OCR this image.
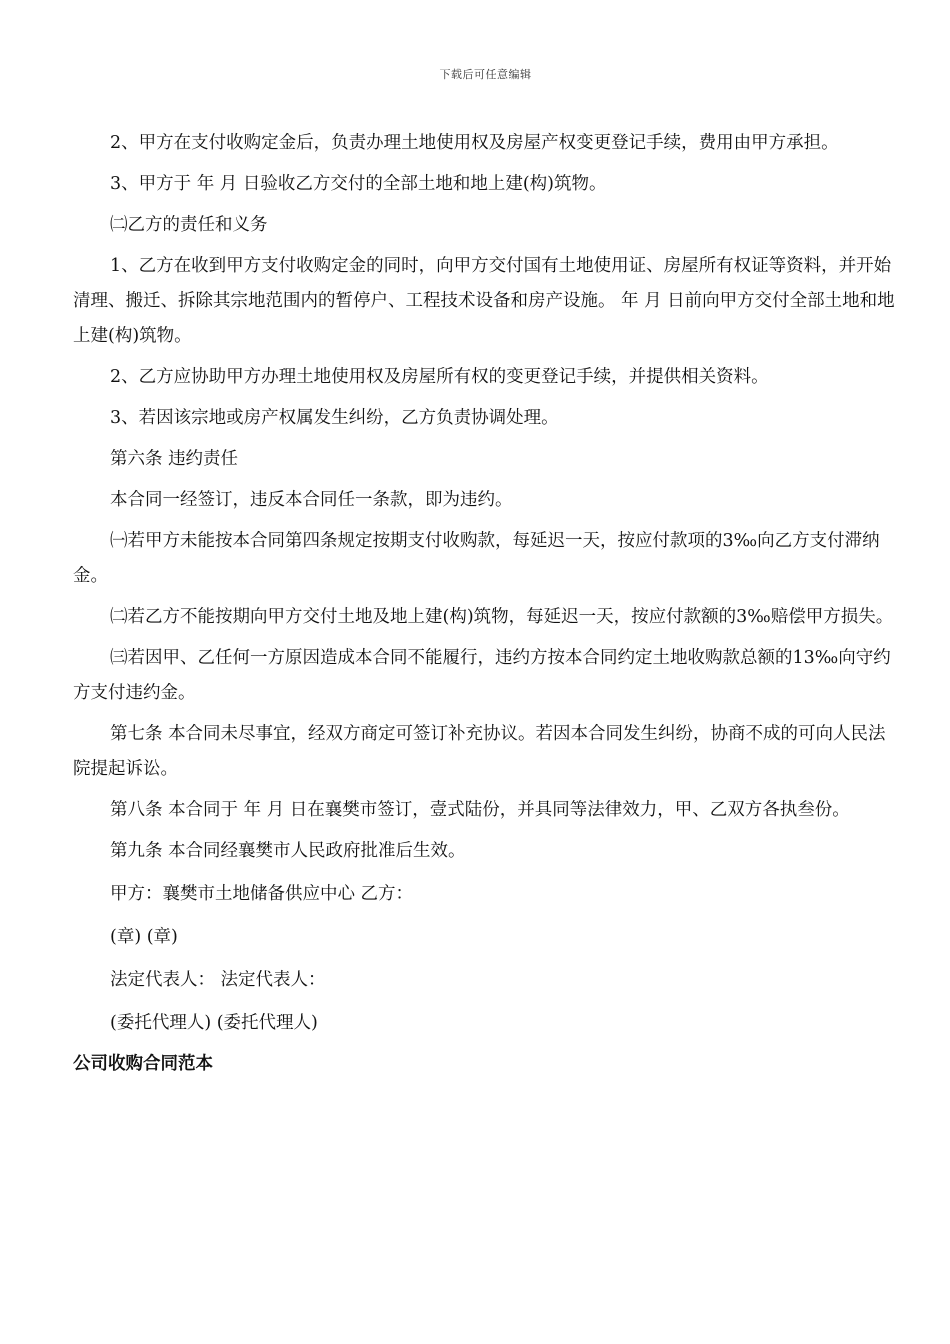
下载后可任意编辑

2、甲方在支付收购定金后，负责办理土地使用权及房屋产权变更登记手续，费用由甲方承担。

3、甲方于 年 月 日验收乙方交付的全部土地和地上建(构)筑物。

㈡乙方的责任和义务

1、乙方在收到甲方支付收购定金的同时，向甲方交付国有土地使用证、房屋所有权证等资料，并开始清理、搬迁、拆除其宗地范围内的暂停户、工程技术设备和房产设施。 年 月 日前向甲方交付全部土地和地上建(构)筑物。

2、乙方应协助甲方办理土地使用权及房屋所有权的变更登记手续，并提供相关资料。

3、若因该宗地或房产权属发生纠纷，乙方负责协调处理。

第六条 违约责任

本合同一经签订，违反本合同任一条款，即为违约。

㈠若甲方未能按本合同第四条规定按期支付收购款，每延迟一天，按应付款项的3‰向乙方支付滞纳金。

㈡若乙方不能按期向甲方交付土地及地上建(构)筑物，每延迟一天，按应付款额的3‰赔偿甲方损失。

㈢若因甲、乙任何一方原因造成本合同不能履行，违约方按本合同约定土地收购款总额的13‰向守约方支付违约金。

第七条 本合同未尽事宜，经双方商定可签订补充协议。若因本合同发生纠纷，协商不成的可向人民法院提起诉讼。

第八条 本合同于 年 月 日在襄樊市签订，壹式陆份，并具同等法律效力，甲、乙双方各执叁份。

第九条 本合同经襄樊市人民政府批准后生效。

甲方：襄樊市土地储备供应中心 乙方：

(章) (章)

法定代表人： 法定代表人：

(委托代理人) (委托代理人)

公司收购合同范本
